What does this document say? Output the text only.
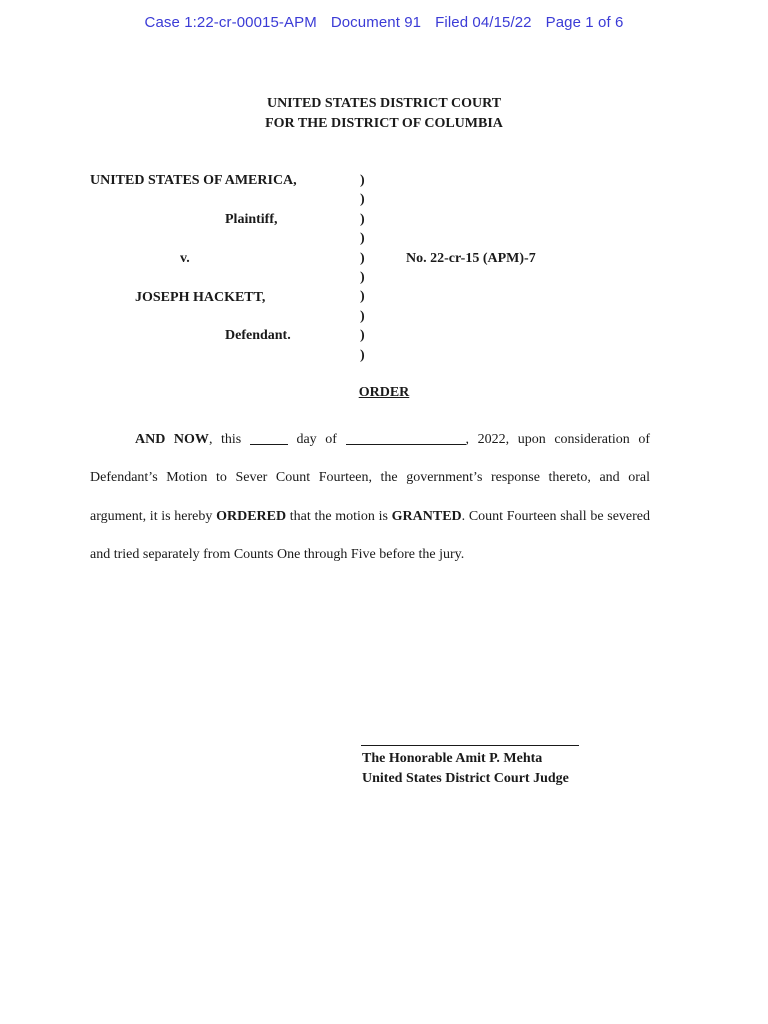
Case 1:22-cr-00015-APM Document 91 Filed 04/15/22 Page 1 of 6
UNITED STATES DISTRICT COURT
FOR THE DISTRICT OF COLUMBIA
UNITED STATES OF AMERICA,
Plaintiff,
v.
JOSEPH HACKETT,
Defendant.
No. 22-cr-15 (APM)-7
)
)
)
)
)
)
)
)
)
)
ORDER
AND NOW, this	day of	, 2022, upon consideration of Defendant’s Motion to Sever Count Fourteen, the government’s response thereto, and oral argument, it is hereby ORDERED that the motion is GRANTED. Count Fourteen shall be severed and tried separately from Counts One through Five before the jury.
The Honorable Amit P. Mehta
United States District Court Judge
